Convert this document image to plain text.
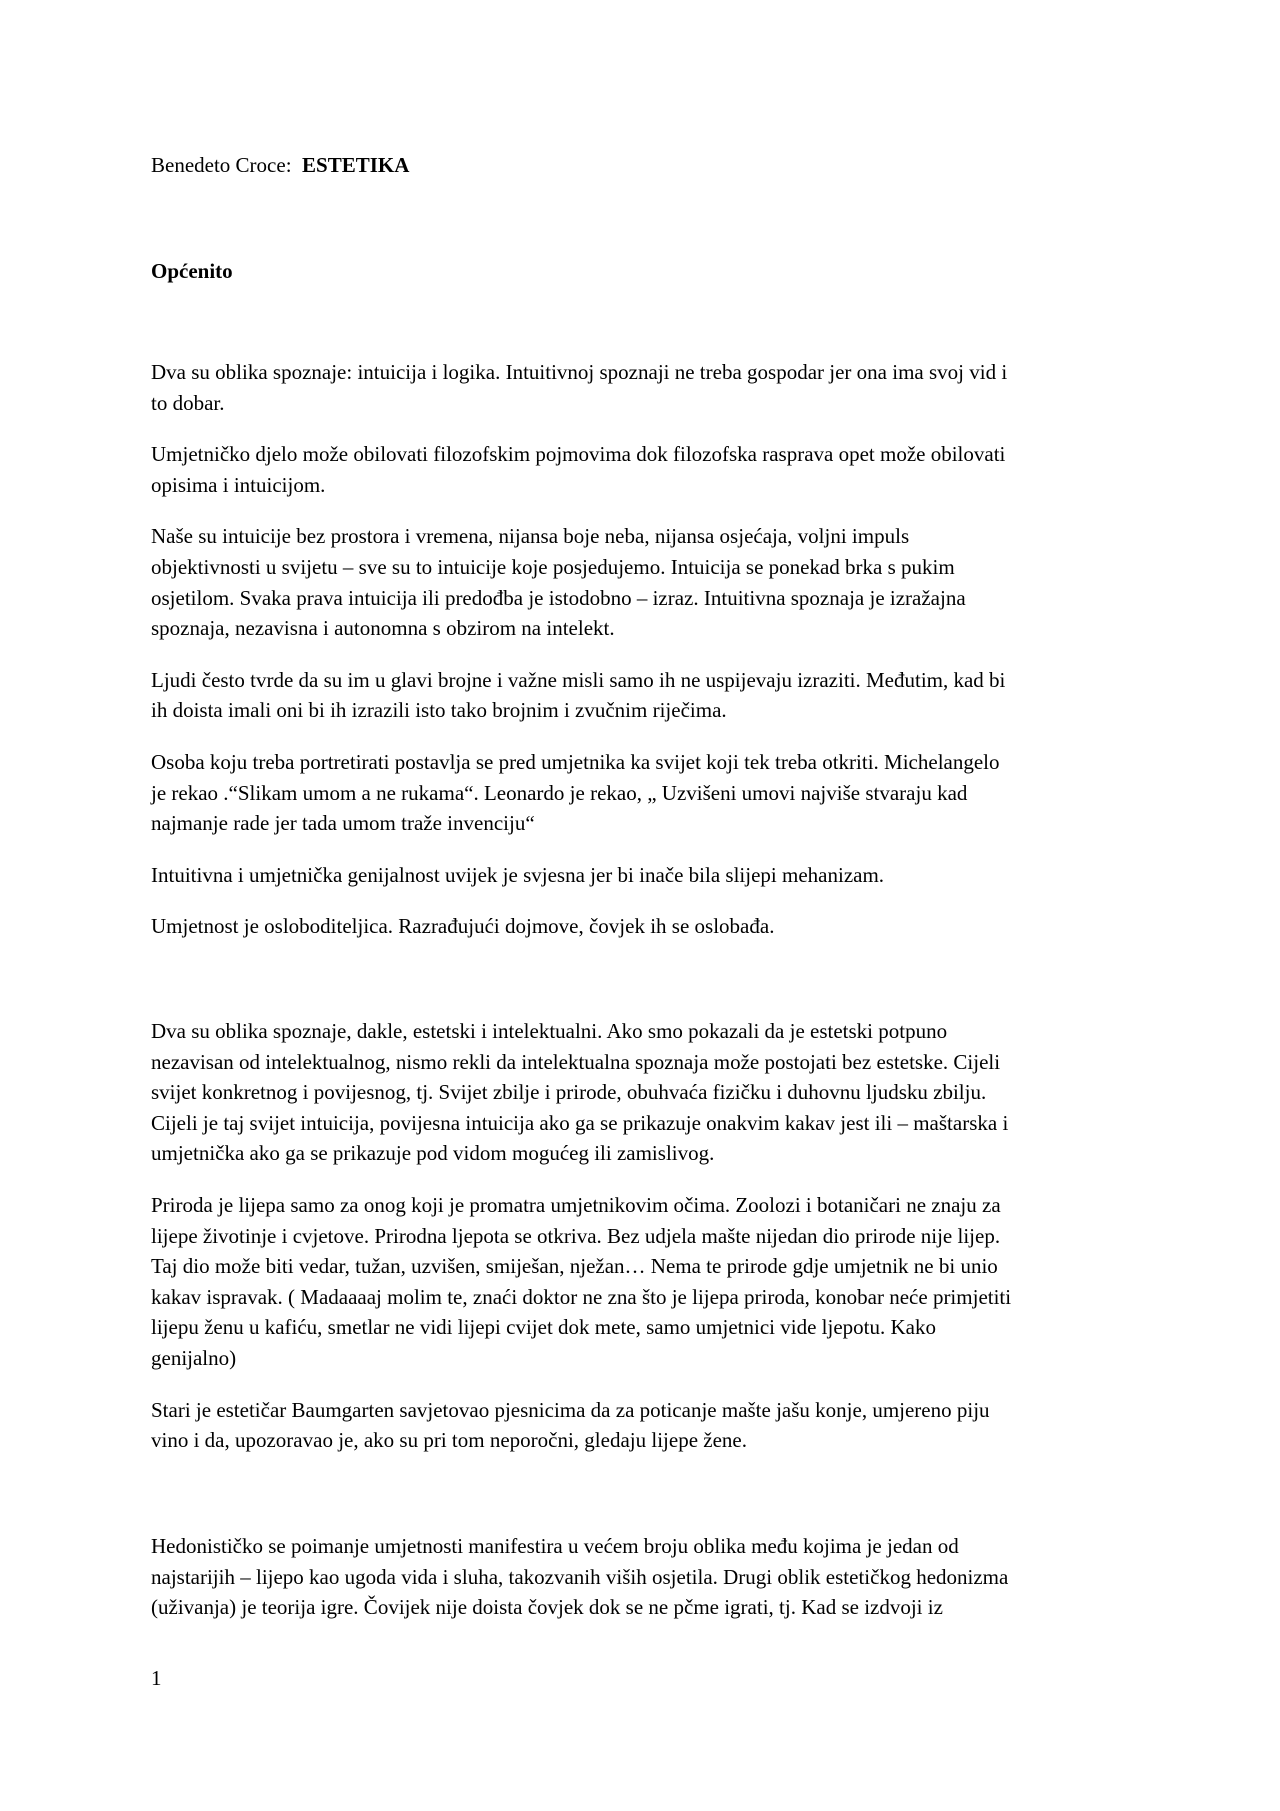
Benedeto Croce: ESTETIKA
Općenito

Dva su oblika spoznaje: intuicija i logika. Intuitivnoj spoznaji ne treba gospodar jer ona ima svoj vid i

to dobar.

Umjetničko djelo može obilovati filozofskim pojmovima dok filozofska rasprava opet može obilovati

opisima i intuicijom.

Naše su intuicije bez prostora i vremena, nijansa boje neba, nijansa osjećaja, voljni impuls

objektivnosti u svijetu – sve su to intuicije koje posjedujemo. Intuicija se ponekad brka s pukim

osjetilom. Svaka prava intuicija ili predođba je istodobno – izraz. Intuitivna spoznaja je izražajna

spoznaja, nezavisna i autonomna s obzirom na intelekt.

Ljudi često tvrde da su im u glavi brojne i važne misli samo ih ne uspijevaju izraziti. Međutim, kad bi

ih doista imali oni bi ih izrazili isto tako brojnim i zvučnim riječima.

Osoba koju treba portretirati postavlja se pred umjetnika ka svijet koji tek treba otkriti. Michelangelo

je rekao .“Slikam umom a ne rukama“. Leonardo je rekao, „ Uzvišeni umovi najviše stvaraju kad

najmanje rade jer tada umom traže invenciju“

Intuitivna i umjetnička genijalnost uvijek je svjesna jer bi inače bila slijepi mehanizam.

Umjetnost je osloboditeljica. Razrađujući dojmove, čovjek ih se oslobađa.

Dva su oblika spoznaje, dakle, estetski i intelektualni. Ako smo pokazali da je estetski potpuno

nezavisan od intelektualnog, nismo rekli da intelektualna spoznaja može postojati bez estetske. Cijeli

svijet konkretnog i povijesnog, tj. Svijet zbilje i prirode, obuhvaća fizičku i duhovnu ljudsku zbilju.

Cijeli je taj svijet intuicija, povijesna intuicija ako ga se prikazuje onakvim kakav jest ili – maštarska i

umjetnička ako ga se prikazuje pod vidom mogućeg ili zamislivog.

Priroda je lijepa samo za onog koji je promatra umjetnikovim očima. Zoolozi i botaničari ne znaju za

lijepe životinje i cvjetove. Prirodna ljepota se otkriva. Bez udjela mašte nijedan dio prirode nije lijep.

Taj dio može biti vedar, tužan, uzvišen, smiješan, nježan… Nema te prirode gdje umjetnik ne bi unio

kakav ispravak. ( Madaaaaj molim te, znaći doktor ne zna što je lijepa priroda, konobar neće primjetiti

lijepu ženu u kafiću, smetlar ne vidi lijepi cvijet dok mete, samo umjetnici vide ljepotu. Kako

genijalno)

Stari je estetičar Baumgarten savjetovao pjesnicima da za poticanje mašte jašu konje, umjereno piju

vino i da, upozoravao je, ako su pri tom neporočni, gledaju lijepe žene.

Hedonističko se poimanje umjetnosti manifestira u većem broju oblika među kojima je jedan od

najstarijih – lijepo kao ugoda vida i sluha, takozvanih viših osjetila. Drugi oblik estetičkog hedonizma

(uživanja) je teorija igre. Čovijek nije doista čovjek dok se ne pčme igrati, tj. Kad se izdvoji iz

1
